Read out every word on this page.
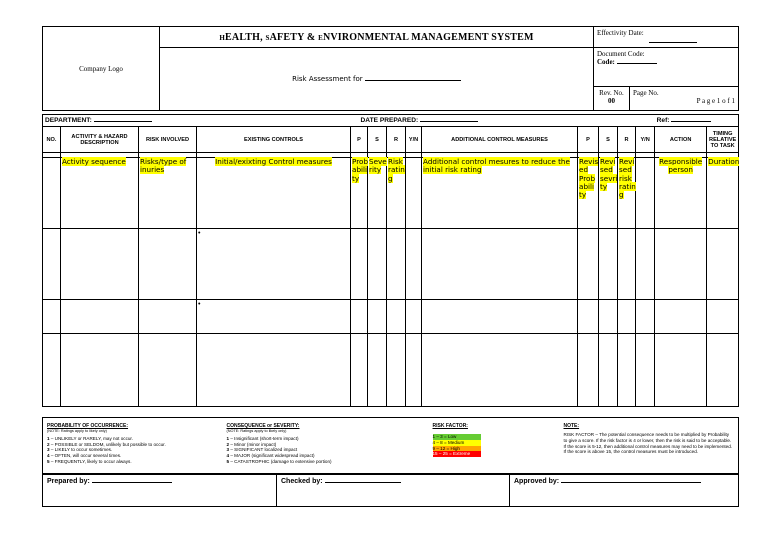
Company Logo	HEALTH, SAFETY & ENVIRONMENTAL MANAGEMENT SYSTEM	Effectivity Date:	

	Risk Assessment for	Document Code:
Code:	
		Rev. No.
00	Page No.

P a g e 1 o f 1
DEPARTMENT:				DATE PREPARED:									Ref:	
NO.	ACTIVITY & HAZARD DESCRIPTION	RISK INVOLVED	EXISTING CONTROLS	P	S	R	Y/N	ADDITIONAL CONTROL MEASURES	P	S	R	Y/N	ACTION	TIMING RELATIVE TO TASK

	Activity sequence	Risks/type of inuries	Initial/exixting Control measures	Prob abili ty	Seve rity	Risk ratin g		Additional control mesures to reduce the initial risk rating	Revis ed Prob abili ty	Revi sed sevri ty	Revi sed risk ratin g		Responsible person	Duration
			•											
			•											

PROBABILITY OF OCCURRENCE:
(NOTE: Ratings apply to likely only)
1 – UNLIKELY or RARELY, may not occur.
2 – POSSIBLE or SELDOM, unlikely but possible to occur.
3 – LIKELY to occur sometimes.
4 – OFTEN, will occur several times.
5 – FREQUENTLY, likely to occur always.

CONSEQUENCE or SEVERITY:
(NOTE: Ratings apply to likely only)
1 – Insignificant (short-term impact)
2 – Minor (minor impact)
3 – SIGNIFICANT localized impact
4 – MAJOR (significant widespread impact)
5 – CATASTROPHIC (damage to extensive portion)

RISK FACTOR:
1 – 3 = Low
4 – 8 = Medium
9 – 12 = High
15 – 25 = Extreme

NOTE:
RISK FACTOR – The potential consequence needs to be multiplied by Probability to give a score. If the risk factor is 4 or lower, then the risk is said to be acceptable. If the score is 5-12, then additional control measures may need to be implemented. If the score is above 15, the control measures must be introduced.
Prepared by:	Checked by:	Approved by:
